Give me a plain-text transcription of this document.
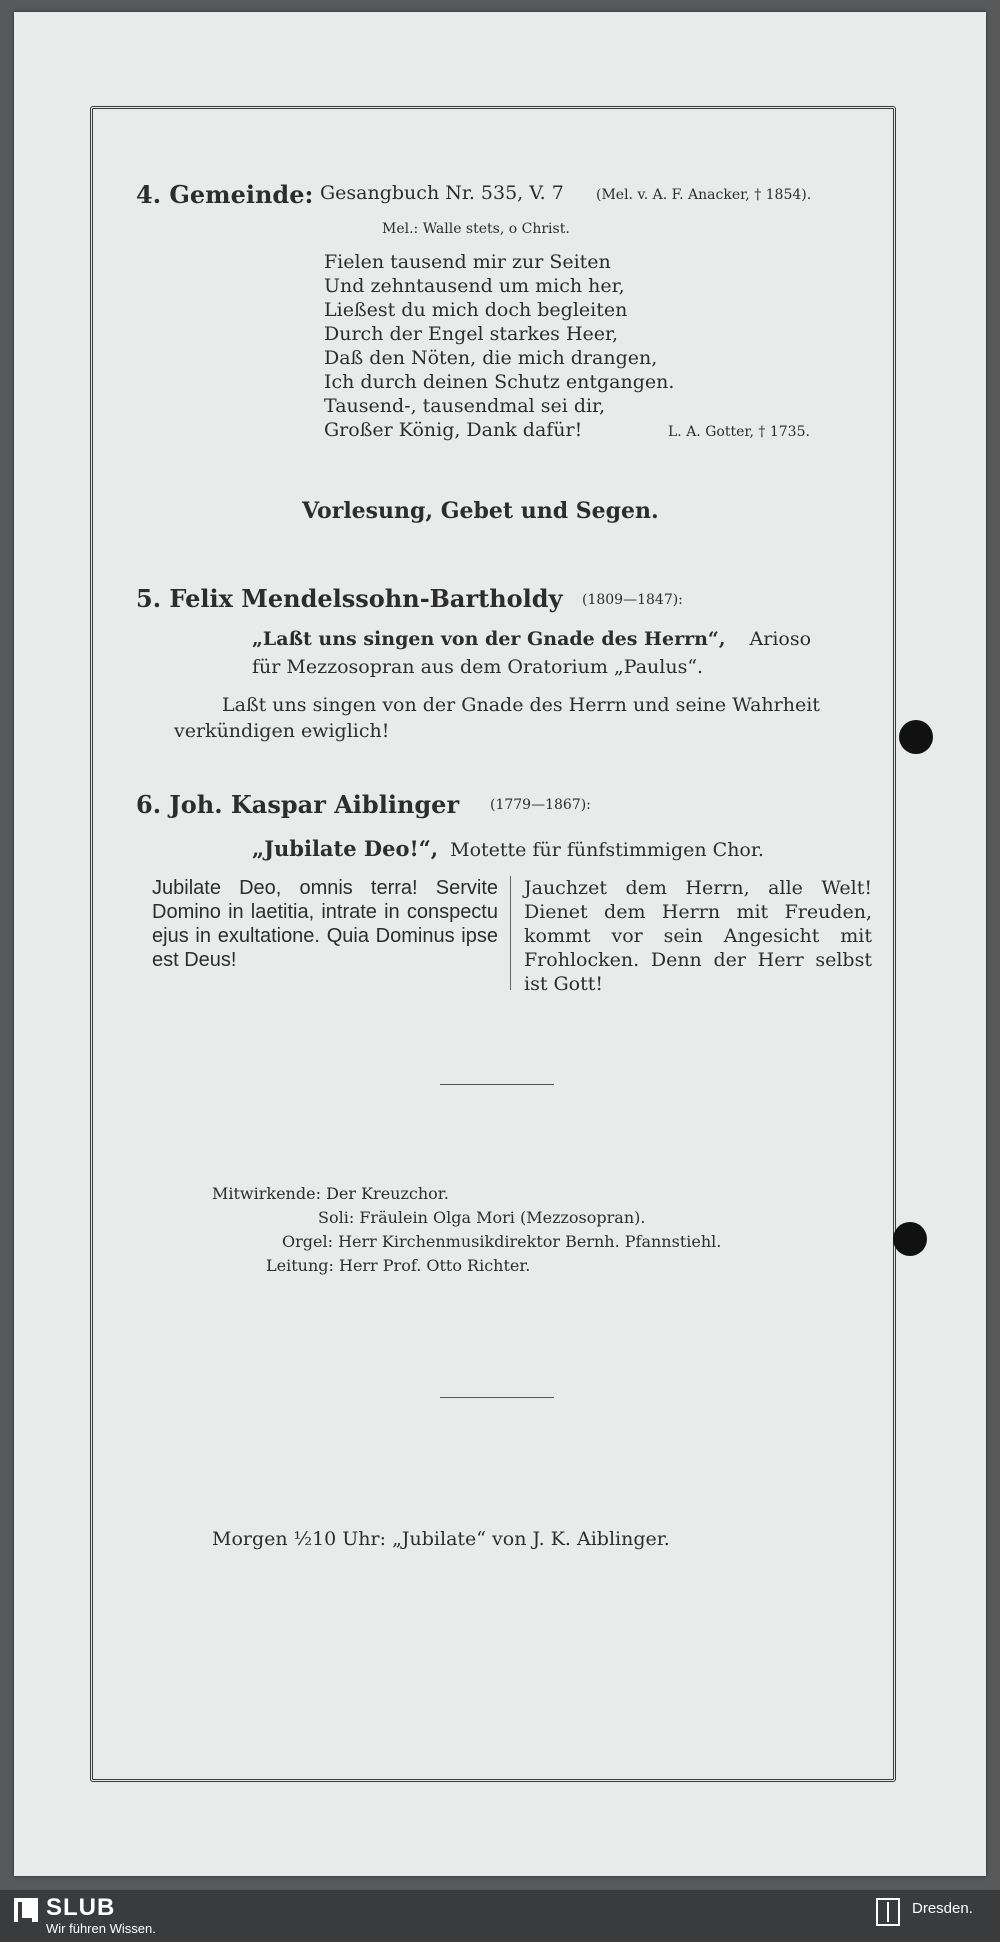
4. Gemeinde: Gesangbuch Nr. 535, V. 7 (Mel. v. A. F. Anacker, † 1854).
Mel.: Walle stets, o Christ.
Fielen tausend mir zur Seiten
Und zehntausend um mich her,
Ließest du mich doch begleiten
Durch der Engel starkes Heer,
Daß den Nöten, die mich drangen,
Ich durch deinen Schutz entgangen.
Tausend-, tausendmal sei dir,
Großer König, Dank dafür!	L. A. Gotter, † 1735.
Vorlesung, Gebet und Segen.
5. Felix Mendelssohn-Bartholdy (1809—1847):
„Laßt uns singen von der Gnade des Herrn“, Arioso
für Mezzosopran aus dem Oratorium „Paulus“.
Laßt uns singen von der Gnade des Herrn und seine Wahrheit
verkündigen ewiglich!
6. Joh. Kaspar Aiblinger (1779—1867):
„Jubilate Deo!“, Motette für fünfstimmigen Chor.
Jubilate Deo, omnis terra! Servite Domino in laetitia, intrate in conspectu ejus in exultatione. Quia Dominus ipse est Deus!
Jauchzet dem Herrn, alle Welt! Dienet dem Herrn mit Freuden, kommt vor sein Angesicht mit Frohlocken. Denn der Herr selbst ist Gott!
Mitwirkende: Der Kreuzchor.
Soli: Fräulein Olga Mori (Mezzosopran).
Orgel: Herr Kirchenmusikdirektor Bernh. Pfannstiehl.
Leitung: Herr Prof. Otto Richter.
Morgen ½10 Uhr: „Jubilate“ von J. K. Aiblinger.
SLUB
Wir führen Wissen.
Dresden.
